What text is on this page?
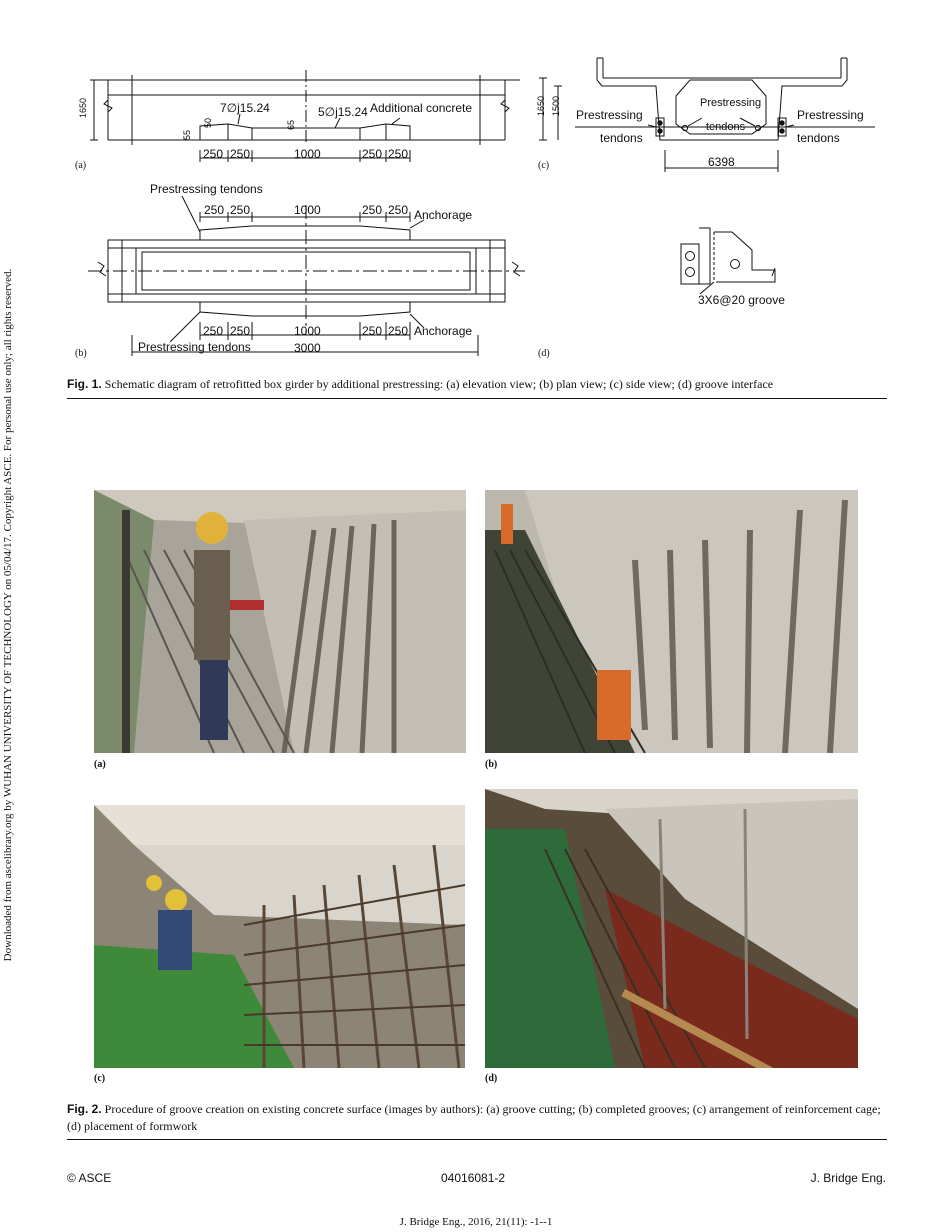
Downloaded from ascelibrary.org by WUHAN UNIVERSITY OF TECHNOLOGY on 05/04/17. Copyright ASCE. For personal use only; all rights reserved.
(a)
1650	7∅j15.24	5∅j15.24 Additional concrete
55
50	65
250 250	1000	250 250
(b)
Prestressing tendons
Prestressing tendons
Anchorage
Anchorage
250 250	1000	250 250
250 250	1000	250 250
3000
(c)
1650 1500 Prestressing
tendons
Prestressing
tendons
Prestressing
tendons
6398
(d)
3X6@20 groove
Fig. 1. Schematic diagram of retrofitted box girder by additional prestressing: (a) elevation view; (b) plan view; (c) side view; (d) groove interface
(a)	(b)
(c)	(d)
Fig. 2. Procedure of groove creation on existing concrete surface (images by authors): (a) groove cutting; (b) completed grooves; (c) arrangement of reinforcement cage; (d) placement of formwork
© ASCE	04016081-2	J. Bridge Eng.
J. Bridge Eng., 2016, 21(11): -1--1
